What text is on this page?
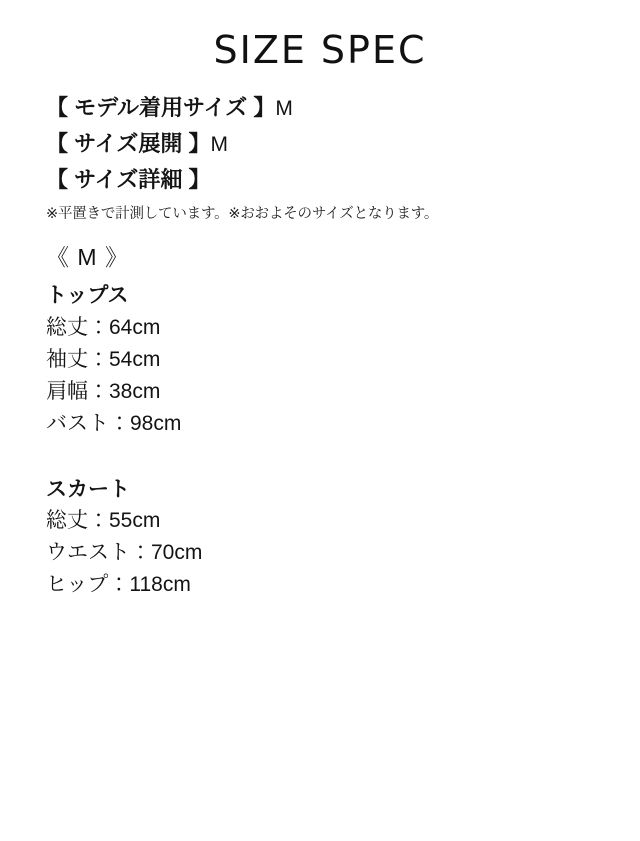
SIZE SPEC
【 モデル着用サイズ 】M
【 サイズ展開 】M
【 サイズ詳細 】
※平置きで計測しています。※おおよそのサイズとなります。
《 M 》
トップス
総丈：64cm
袖丈：54cm
肩幅：38cm
バスト：98cm
スカート
総丈：55cm
ウエスト：70cm
ヒップ：118cm
